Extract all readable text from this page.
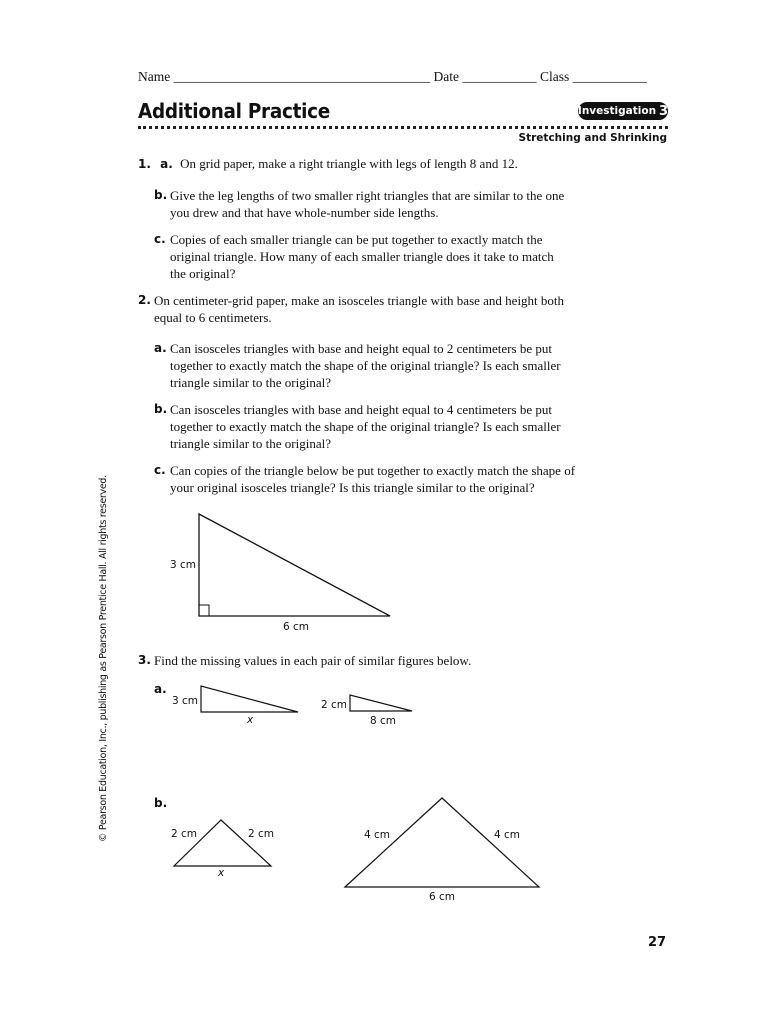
Name ______________________________________ Date ___________ Class ___________
Additional Practice	Investigation 3
Stretching and Shrinking
1. a. On grid paper, make a right triangle with legs of length 8 and 12.
b. Give the leg lengths of two smaller right triangles that are similar to the one you drew and that have whole-number side lengths.
c. Copies of each smaller triangle can be put together to exactly match the original triangle. How many of each smaller triangle does it take to match the original?
2. On centimeter-grid paper, make an isosceles triangle with base and height both equal to 6 centimeters.
a. Can isosceles triangles with base and height equal to 2 centimeters be put together to exactly match the shape of the original triangle? Is each smaller triangle similar to the original?
b. Can isosceles triangles with base and height equal to 4 centimeters be put together to exactly match the shape of the original triangle? Is each smaller triangle similar to the original?
c. Can copies of the triangle below be put together to exactly match the shape of your original isosceles triangle? Is this triangle similar to the original?
3 cm
6 cm
3. Find the missing values in each pair of similar figures below.
a.
3 cm
x
2 cm
8 cm
b.
2 cm	2 cm
x
4 cm	4 cm
6 cm
© Pearson Education, Inc., publishing as Pearson Prentice Hall. All rights reserved.
27
